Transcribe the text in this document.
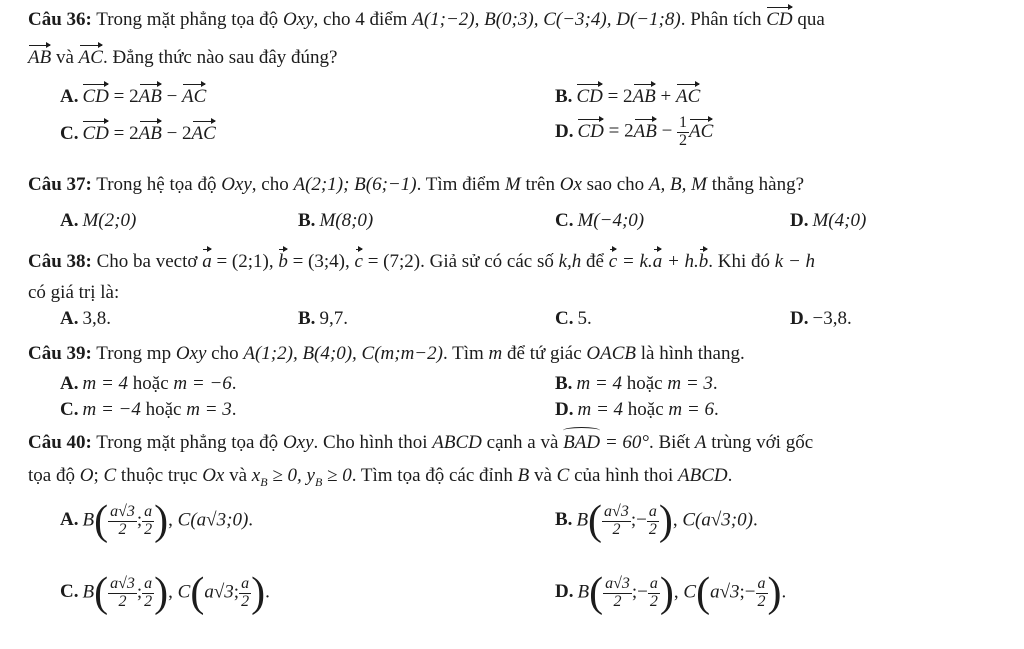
Câu 36: Trong mặt phẳng tọa độ Oxy, cho 4 điểm A(1;−2), B(0;3), C(−3;4), D(−1;8). Phân tích CD qua
AB và AC. Đẳng thức nào sau đây đúng?
A. CD = 2AB − AC	B. CD = 2AB + AC
C. CD = 2AB − 2AC	D. CD = $2AB - \frac{1}{2}$ AC
Câu 37: Trong hệ tọa độ Oxy, cho A(2;1); B(6;−1). Tìm điểm M trên Ox sao cho A, B, M thẳng hàng?
A. M(2;0)	B. M(8;0)	C. M(−4;0)	D. M(4;0)
Câu 38: Cho ba vectơ a = (2;1), b = (3;4), c = (7;2). Giả sử có các số k,h để c = k.a + h.b. Khi đó k − h
có giá trị là:
A. 3,8.	B. 9,7.	C. 5.	D. −3,8.
Câu 39: Trong mp Oxy cho A(1;2), B(4;0), C(m;m−2). Tìm m để tứ giác OACB là hình thang.
A. m = 4 hoặc m = −6.	B. m = 4 hoặc m = 3.
C. m = −4 hoặc m = 3.	D. m = 4 hoặc m = 6.
Câu 40: Trong mặt phẳng tọa độ Oxy. Cho hình thoi ABCD cạnh a và BAD = 60°. Biết A trùng với gốc
tọa độ O; C thuộc trục Ox và $x_B \ge 0$, $y_B \ge 0$. Tìm tọa độ các đỉnh B và C của hình thoi ABCD.
A. $B( \frac{a√3}{2}$ ; $\frac{a}{2}$ ), C(a√3;0).	B. $B( \frac{a√3}{2}$ ;− $\frac{a}{2}$ ), C(a√3;0).
C. $B( \frac{a√3}{2}$ ; $\frac{a}{2}$ ), C(a√3; $\frac{a}{2}$ ).	D. $B( \frac{a√3}{2}$ ;− $\frac{a}{2}$ ), C(a√3;− $\frac{a}{2}$ ).
